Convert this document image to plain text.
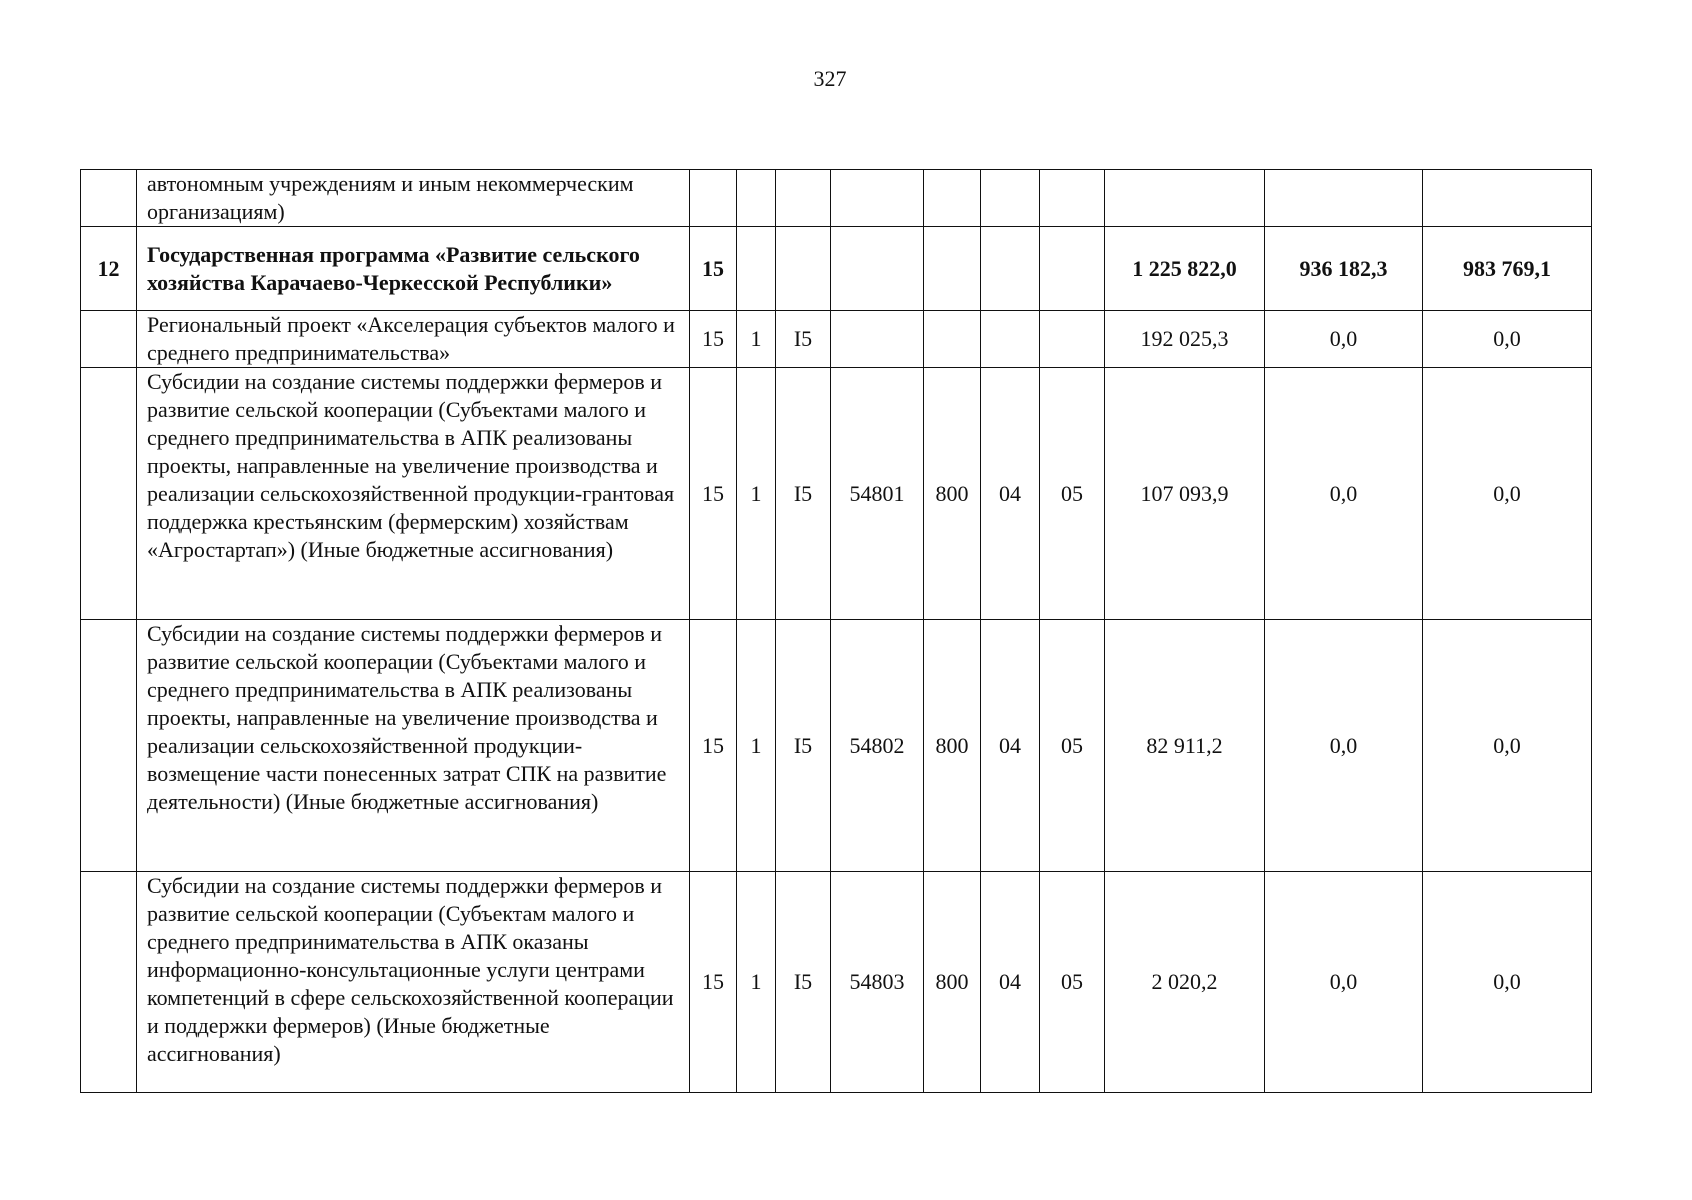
327
	автономным учреждениям и иным некоммерческим организациям)										
12	Государственная программа «Развитие сельского хозяйства Карачаево-Черкесской Республики»	15							1 225 822,0	936 182,3	983 769,1
	Региональный проект «Акселерация субъектов малого и среднего предпринимательства»	15	1	I5					192 025,3	0,0	0,0
	Субсидии на создание системы поддержки фермеров и развитие сельской кооперации (Субъектами малого и среднего предпринимательства в АПК реализованы проекты, направленные на увеличение производства и реализации сельскохозяйственной продукции-грантовая поддержка крестьянским (фермерским) хозяйствам «Агростартап») (Иные бюджетные ассигнования)	15	1	I5	54801	800	04	05	107 093,9	0,0	0,0
	Субсидии на создание системы поддержки фермеров и развитие сельской кооперации (Субъектами малого и среднего предпринимательства в АПК реализованы проекты, направленные на увеличение производства и реализации сельскохозяйственной продукции-возмещение части понесенных затрат СПК на развитие деятельности) (Иные бюджетные ассигнования)	15	1	I5	54802	800	04	05	82 911,2	0,0	0,0
	Субсидии на создание системы поддержки фермеров и развитие сельской кооперации (Субъектам малого и среднего предпринимательства в АПК оказаны информационно-консультационные услуги центрами компетенций в сфере сельскохозяйственной кооперации и поддержки фермеров) (Иные бюджетные ассигнования)	15	1	I5	54803	800	04	05	2 020,2	0,0	0,0
